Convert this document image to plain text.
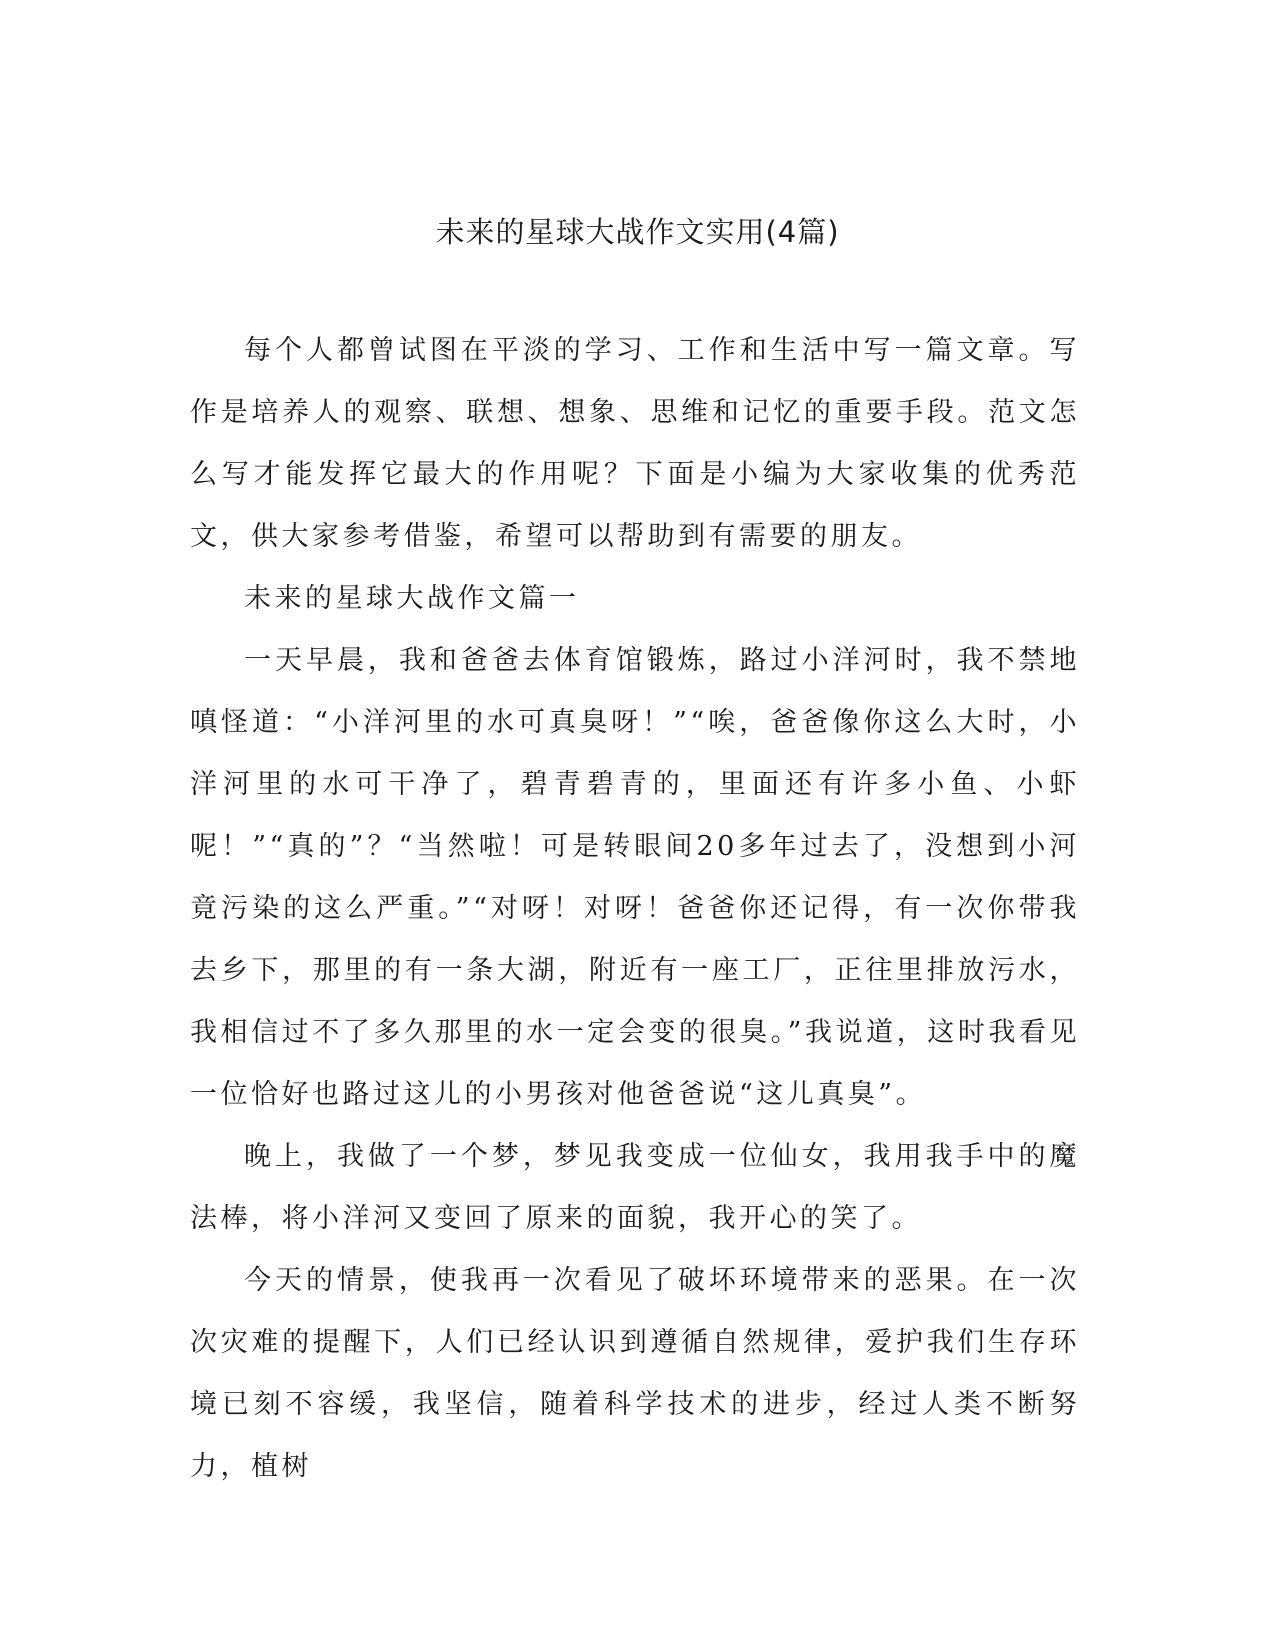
未来的星球大战作文实用(4篇)

每个人都曾试图在平淡的学习、工作和生活中写一篇文章。写作是培养人的观察、联想、想象、思维和记忆的重要手段。范文怎么写才能发挥它最大的作用呢？下面是小编为大家收集的优秀范文，供大家参考借鉴，希望可以帮助到有需要的朋友。

未来的星球大战作文篇一

一天早晨，我和爸爸去体育馆锻炼，路过小洋河时，我不禁地嗔怪道：“小洋河里的水可真臭呀！”“唉，爸爸像你这么大时，小洋河里的水可干净了，碧青碧青的，里面还有许多小鱼、小虾呢！”“真的”？“当然啦！可是转眼间20多年过去了，没想到小河竟污染的这么严重。”“对呀！对呀！爸爸你还记得，有一次你带我去乡下，那里的有一条大湖，附近有一座工厂，正往里排放污水，我相信过不了多久那里的水一定会变的很臭。”我说道，这时我看见一位恰好也路过这儿的小男孩对他爸爸说“这儿真臭”。

晚上，我做了一个梦，梦见我变成一位仙女，我用我手中的魔法棒，将小洋河又变回了原来的面貌，我开心的笑了。

今天的情景，使我再一次看见了破坏环境带来的恶果。在一次次灾难的提醒下，人们已经认识到遵循自然规律，爱护我们生存环境已刻不容缓，我坚信，随着科学技术的进步，经过人类不断努力，植树
